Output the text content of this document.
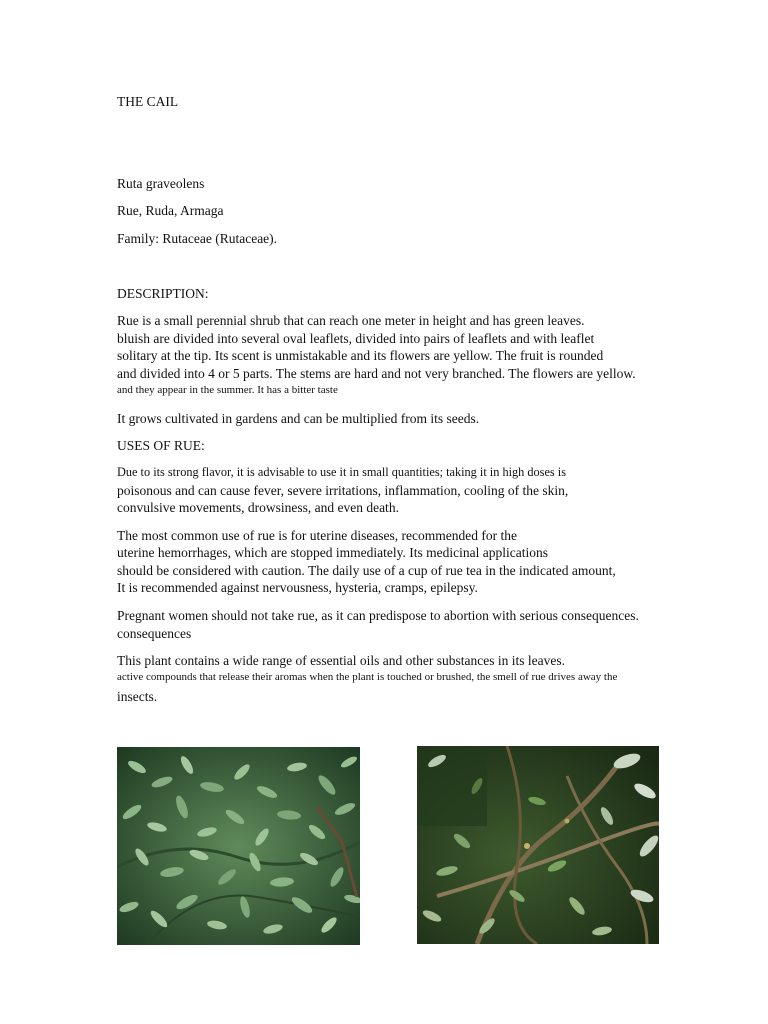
THE CAIL

Ruta graveolens

Rue, Ruda, Armaga

Family: Rutaceae (Rutaceae).

DESCRIPTION:

Rue is a small perennial shrub that can reach one meter in height and has green leaves.

bluish are divided into several oval leaflets, divided into pairs of leaflets and with leaflet

solitary at the tip. Its scent is unmistakable and its flowers are yellow. The fruit is rounded

and divided into 4 or 5 parts. The stems are hard and not very branched. The flowers are yellow.

and they appear in the summer. It has a bitter taste

It grows cultivated in gardens and can be multiplied from its seeds.

USES OF RUE:

Due to its strong flavor, it is advisable to use it in small quantities; taking it in high doses is

poisonous and can cause fever, severe irritations, inflammation, cooling of the skin,

convulsive movements, drowsiness, and even death.

The most common use of rue is for uterine diseases, recommended for the

uterine hemorrhages, which are stopped immediately. Its medicinal applications

should be considered with caution. The daily use of a cup of rue tea in the indicated amount,

It is recommended against nervousness, hysteria, cramps, epilepsy.

Pregnant women should not take rue, as it can predispose to abortion with serious consequences.

consequences

This plant contains a wide range of essential oils and other substances in its leaves.

active compounds that release their aromas when the plant is touched or brushed, the smell of rue drives away the

insects.
